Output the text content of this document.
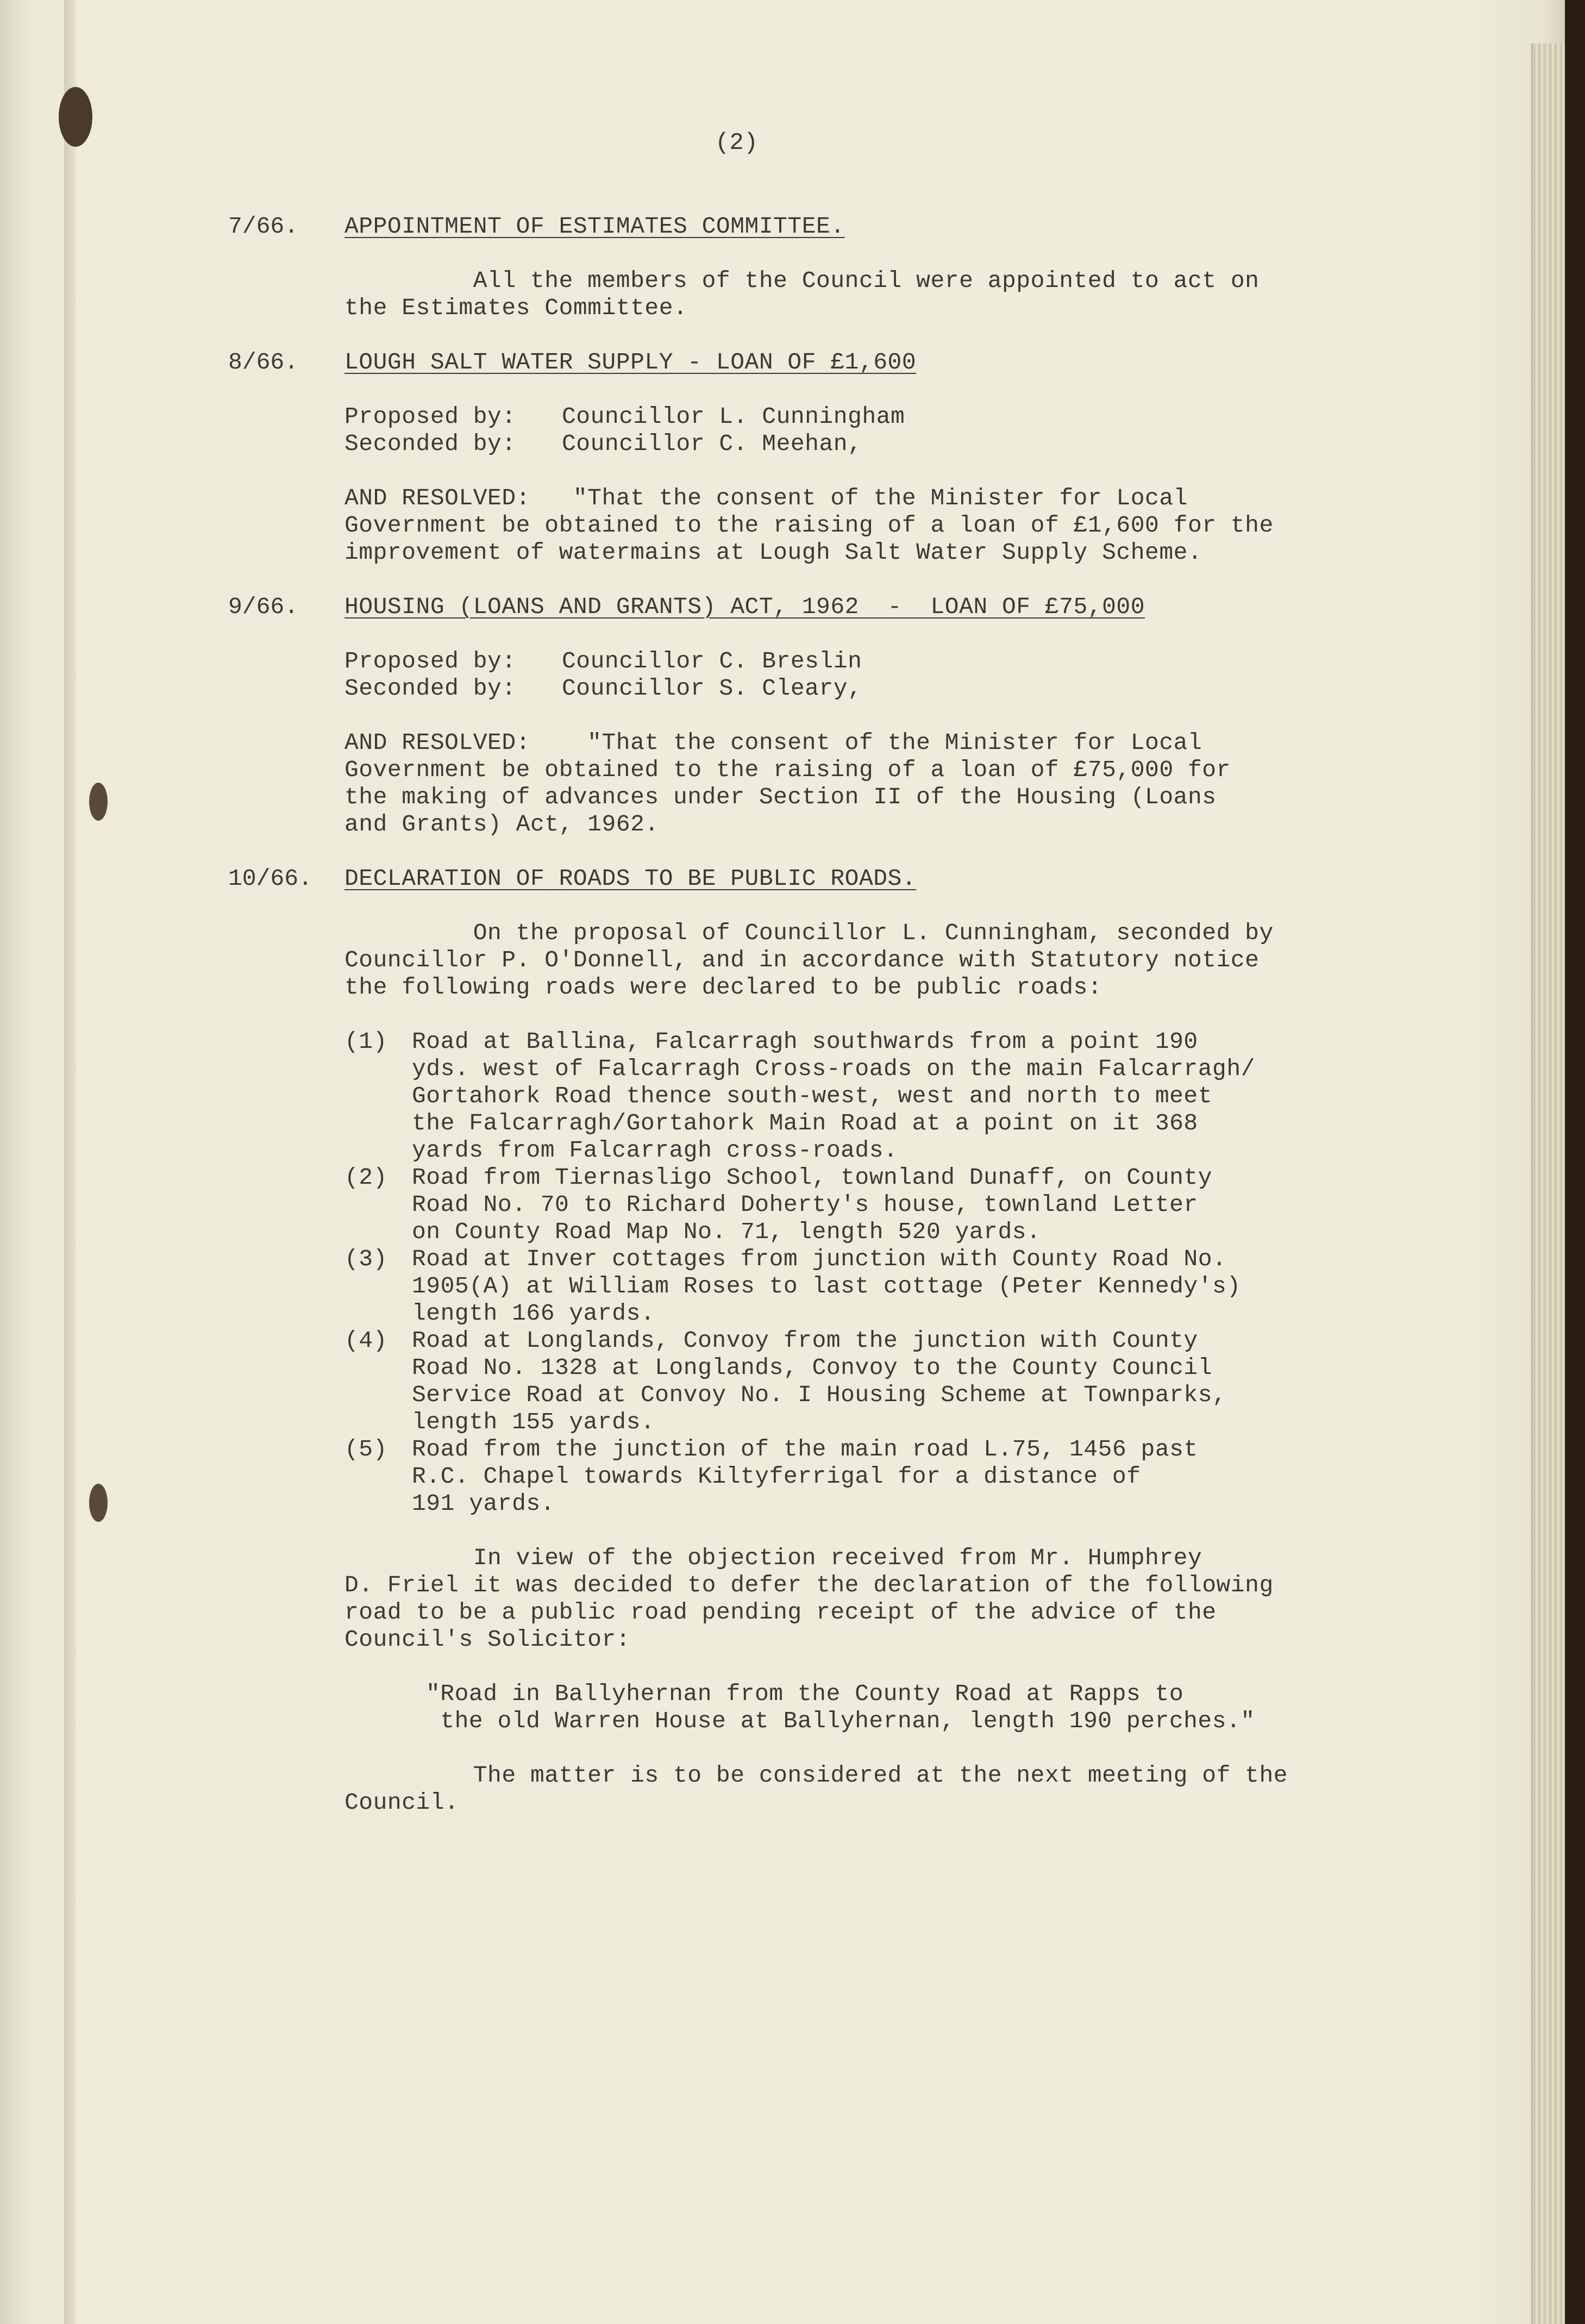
(2)
7/66. APPOINTMENT OF ESTIMATES COMMITTEE.
All the members of the Council were appointed to act on
the Estimates Committee.
8/66. LOUGH SALT WATER SUPPLY - LOAN OF £1,600
Proposed by: Councillor L. Cunningham
Seconded by: Councillor C. Meehan,
AND RESOLVED:   "That the consent of the Minister for Local
Government be obtained to the raising of a loan of £1,600 for the
improvement of watermains at Lough Salt Water Supply Scheme.
9/66. HOUSING (LOANS AND GRANTS) ACT, 1962  -  LOAN OF £75,000
Proposed by: Councillor C. Breslin
Seconded by: Councillor S. Cleary,
AND RESOLVED:    "That the consent of the Minister for Local
Government be obtained to the raising of a loan of £75,000 for
the making of advances under Section II of the Housing (Loans
and Grants) Act, 1962.
10/66. DECLARATION OF ROADS TO BE PUBLIC ROADS.
On the proposal of Councillor L. Cunningham, seconded by
Councillor P. O'Donnell, and in accordance with Statutory notice
the following roads were declared to be public roads:
(1) Road at Ballina, Falcarragh southwards from a point 190
yds. west of Falcarragh Cross-roads on the main Falcarragh/
Gortahork Road thence south-west, west and north to meet
the Falcarragh/Gortahork Main Road at a point on it 368
yards from Falcarragh cross-roads.
(2) Road from Tiernasligo School, townland Dunaff, on County
Road No. 70 to Richard Doherty's house, townland Letter
on County Road Map No. 71, length 520 yards.
(3) Road at Inver cottages from junction with County Road No.
1905(A) at William Roses to last cottage (Peter Kennedy's)
length 166 yards.
(4) Road at Longlands, Convoy from the junction with County
Road No. 1328 at Longlands, Convoy to the County Council
Service Road at Convoy No. I Housing Scheme at Townparks,
length 155 yards.
(5) Road from the junction of the main road L.75, 1456 past
R.C. Chapel towards Kiltyferrigal for a distance of
191 yards.
In view of the objection received from Mr. Humphrey
D. Friel it was decided to defer the declaration of the following
road to be a public road pending receipt of the advice of the
Council's Solicitor:
"Road in Ballyhernan from the County Road at Rapps to
the old Warren House at Ballyhernan, length 190 perches."
The matter is to be considered at the next meeting of the
Council.
